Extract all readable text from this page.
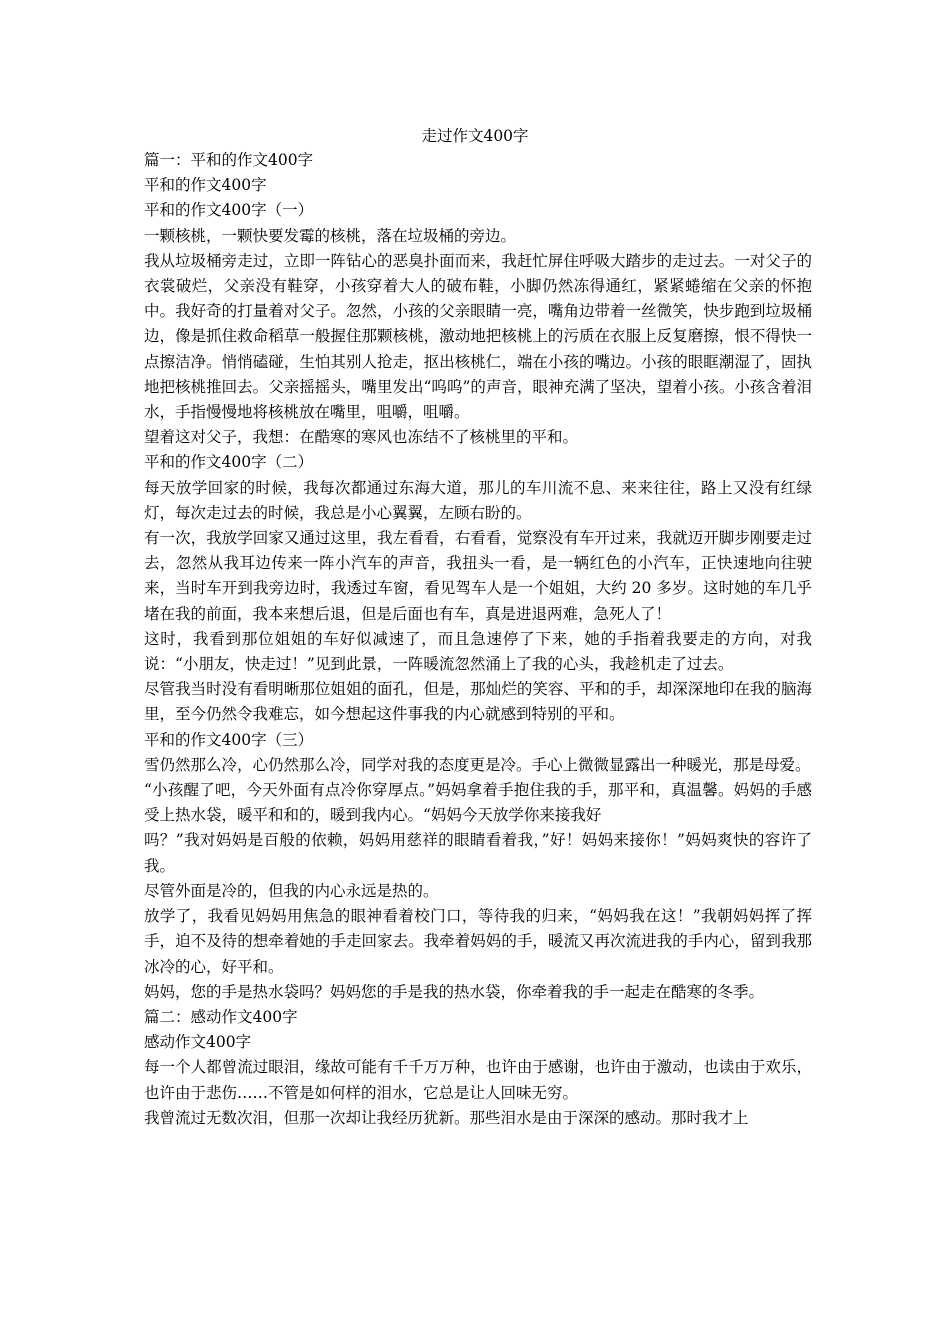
走过作文400字

篇一：平和的作文400字

平和的作文400字

平和的作文400字（一）

一颗核桃，一颗快要发霉的核桃，落在垃圾桶的旁边。

我从垃圾桶旁走过，立即一阵钻心的恶臭扑面而来，我赶忙屏住呼吸大踏步的走过去。一对父子的衣裳破烂，父亲没有鞋穿，小孩穿着大人的破布鞋，小脚仍然冻得通红，紧紧蜷缩在父亲的怀抱中。我好奇的打量着对父子。忽然，小孩的父亲眼睛一亮，嘴角边带着一丝微笑，快步跑到垃圾桶边，像是抓住救命稻草一般握住那颗核桃，激动地把核桃上的污质在衣服上反复磨擦，恨不得快一点擦洁净。悄悄磕碰，生怕其别人抢走，抠出核桃仁，端在小孩的嘴边。小孩的眼眶潮湿了，固执地把核桃推回去。父亲摇摇头，嘴里发出“呜呜”的声音，眼神充满了坚决，望着小孩。小孩含着泪水，手指慢慢地将核桃放在嘴里，咀嚼，咀嚼。

望着这对父子，我想：在酷寒的寒风也冻结不了核桃里的平和。

平和的作文400字（二）

每天放学回家的时候，我每次都通过东海大道，那儿的车川流不息、来来往往，路上又没有红绿灯，每次走过去的时候，我总是小心翼翼，左顾右盼的。

有一次，我放学回家又通过这里，我左看看，右看看，觉察没有车开过来，我就迈开脚步刚要走过去，忽然从我耳边传来一阵小汽车的声音，我扭头一看，是一辆红色的小汽车，正快速地向往驶来，当时车开到我旁边时，我透过车窗，看见驾车人是一个姐姐，大约 20 多岁。这时她的车几乎堵在我的前面，我本来想后退，但是后面也有车，真是进退两难，急死人了！

这时，我看到那位姐姐的车好似减速了，而且急速停了下来，她的手指着我要走的方向，对我说：“小朋友，快走过！”见到此景，一阵暖流忽然涌上了我的心头，我趁机走了过去。

尽管我当时没有看明晰那位姐姐的面孔，但是，那灿烂的笑容、平和的手，却深深地印在我的脑海里，至今仍然令我难忘，如今想起这件事我的内心就感到特别的平和。

平和的作文400字（三）

雪仍然那么冷，心仍然那么冷，同学对我的态度更是冷。手心上微微显露出一种暖光，那是母爱。

“小孩醒了吧，今天外面有点冷你穿厚点。”妈妈拿着手抱住我的手，那平和，真温馨。妈妈的手感受上热水袋，暖平和和的，暖到我内心。“妈妈今天放学你来接我好

吗？”我对妈妈是百般的依赖，妈妈用慈祥的眼睛看着我，”好！妈妈来接你！”妈妈爽快的容许了我。

尽管外面是冷的，但我的内心永远是热的。

放学了，我看见妈妈用焦急的眼神看着校门口，等待我的归来，“妈妈我在这！”我朝妈妈挥了挥手，迫不及待的想牵着她的手走回家去。我牵着妈妈的手，暖流又再次流进我的手内心，留到我那冰冷的心，好平和。

妈妈，您的手是热水袋吗？妈妈您的手是我的热水袋，你牵着我的手一起走在酷寒的冬季。

篇二：感动作文400字

感动作文400字

每一个人都曾流过眼泪，缘故可能有千千万万种，也许由于感谢，也许由于激动，也读由于欢乐，也许由于悲伤……不管是如何样的泪水，它总是让人回味无穷。

我曾流过无数次泪，但那一次却让我经历犹新。那些泪水是由于深深的感动。那时我才上
